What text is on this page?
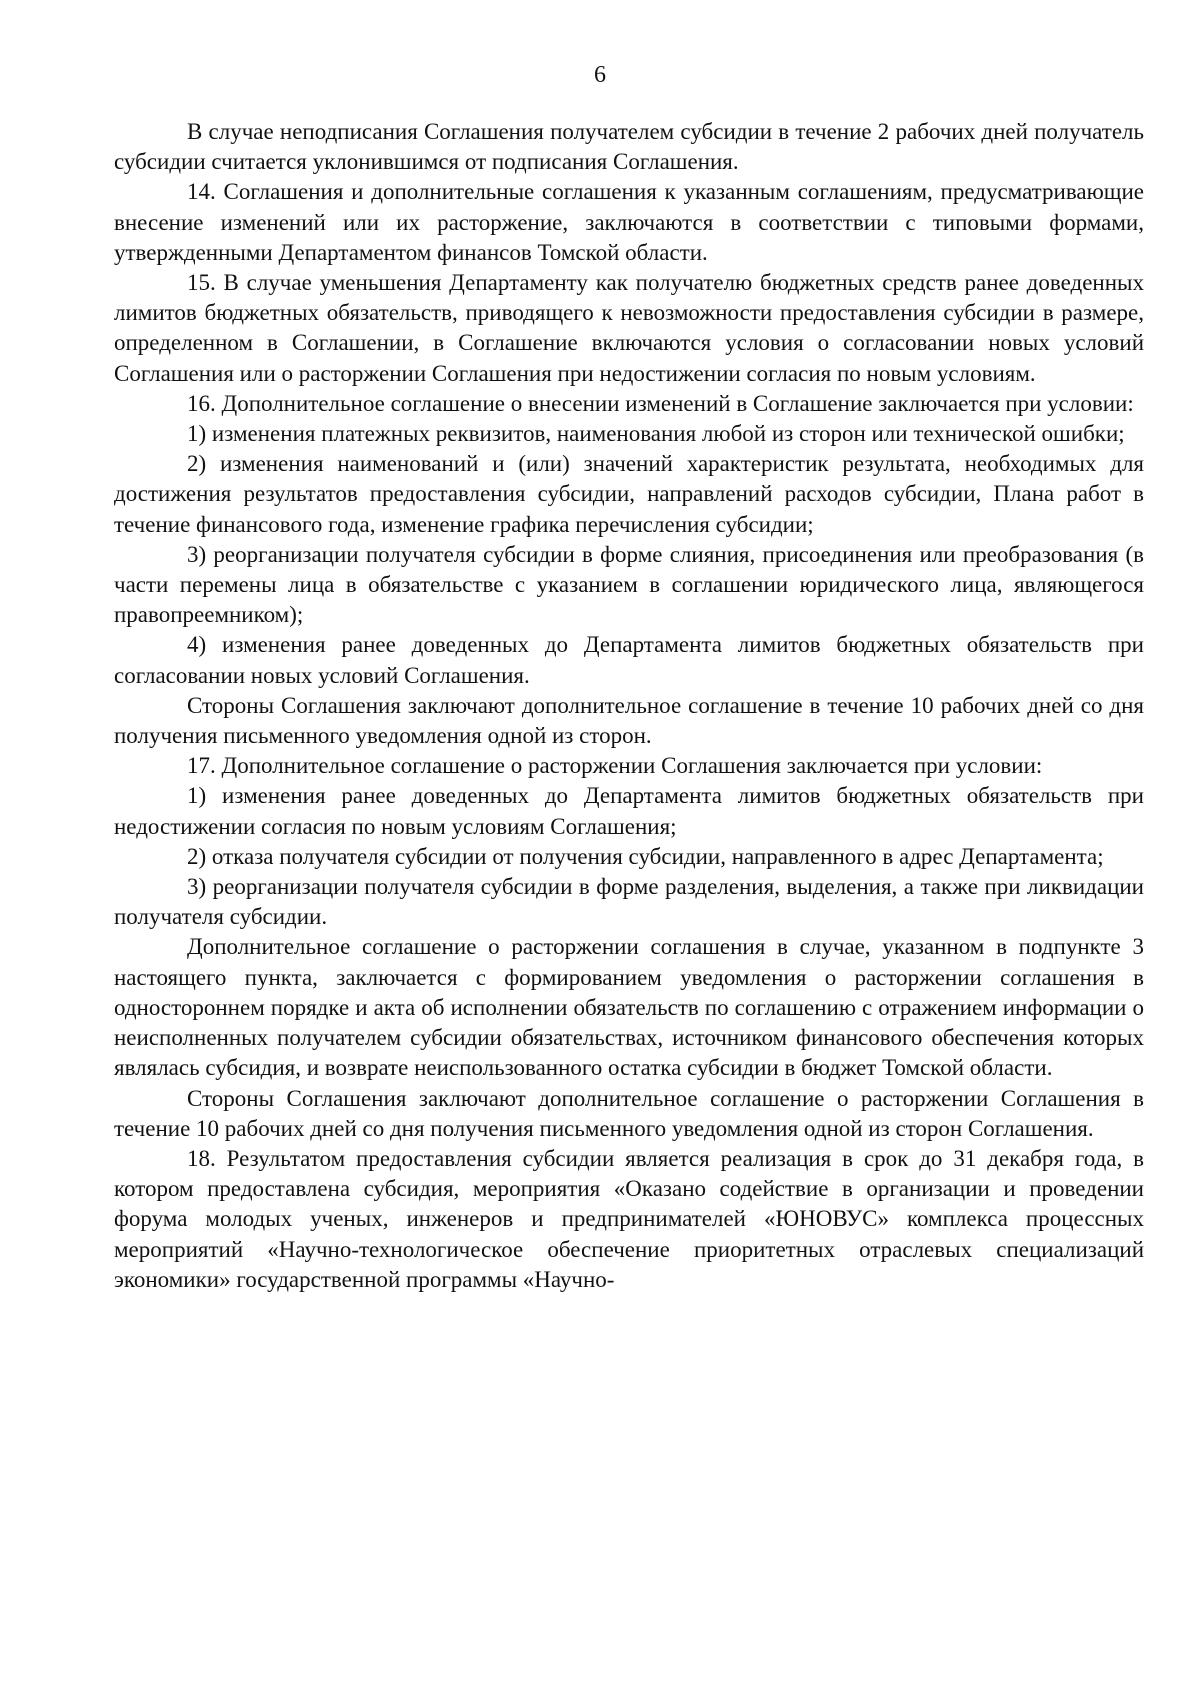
6

В случае неподписания Соглашения получателем субсидии в течение 2 рабочих дней получатель субсидии считается уклонившимся от подписания Соглашения.

14. Соглашения и дополнительные соглашения к указанным соглашениям, предусматривающие внесение изменений или их расторжение, заключаются в соответствии с типовыми формами, утвержденными Департаментом финансов Томской области.

15. В случае уменьшения Департаменту как получателю бюджетных средств ранее доведенных лимитов бюджетных обязательств, приводящего к невозможности предоставления субсидии в размере, определенном в Соглашении, в Соглашение включаются условия о согласовании новых условий Соглашения или о расторжении Соглашения при недостижении согласия по новым условиям.

16. Дополнительное соглашение о внесении изменений в Соглашение заключается при условии:

1) изменения платежных реквизитов, наименования любой из сторон или технической ошибки;

2) изменения наименований и (или) значений характеристик результата, необходимых для достижения результатов предоставления субсидии, направлений расходов субсидии, Плана работ в течение финансового года, изменение графика перечисления субсидии;

3) реорганизации получателя субсидии в форме слияния, присоединения или преобразования (в части перемены лица в обязательстве с указанием в соглашении юридического лица, являющегося правопреемником);

4) изменения ранее доведенных до Департамента лимитов бюджетных обязательств при согласовании новых условий Соглашения.

Стороны Соглашения заключают дополнительное соглашение в течение 10 рабочих дней со дня получения письменного уведомления одной из сторон.

17. Дополнительное соглашение о расторжении Соглашения заключается при условии:

1) изменения ранее доведенных до Департамента лимитов бюджетных обязательств при недостижении согласия по новым условиям Соглашения;

2) отказа получателя субсидии от получения субсидии, направленного в адрес Департамента;

3) реорганизации получателя субсидии в форме разделения, выделения, а также при ликвидации получателя субсидии.

Дополнительное соглашение о расторжении соглашения в случае, указанном в подпункте 3 настоящего пункта, заключается с формированием уведомления о расторжении соглашения в одностороннем порядке и акта об исполнении обязательств по соглашению с отражением информации о неисполненных получателем субсидии обязательствах, источником финансового обеспечения которых являлась субсидия, и возврате неиспользованного остатка субсидии в бюджет Томской области.

Стороны Соглашения заключают дополнительное соглашение о расторжении Соглашения в течение 10 рабочих дней со дня получения письменного уведомления одной из сторон Соглашения.

18. Результатом предоставления субсидии является реализация в срок до 31 декабря года, в котором предоставлена субсидия, мероприятия «Оказано содействие в организации и проведении форума молодых ученых, инженеров и предпринимателей «ЮНОВУС» комплекса процессных мероприятий «Научно-технологическое обеспечение приоритетных отраслевых специализаций экономики» государственной программы «Научно-
